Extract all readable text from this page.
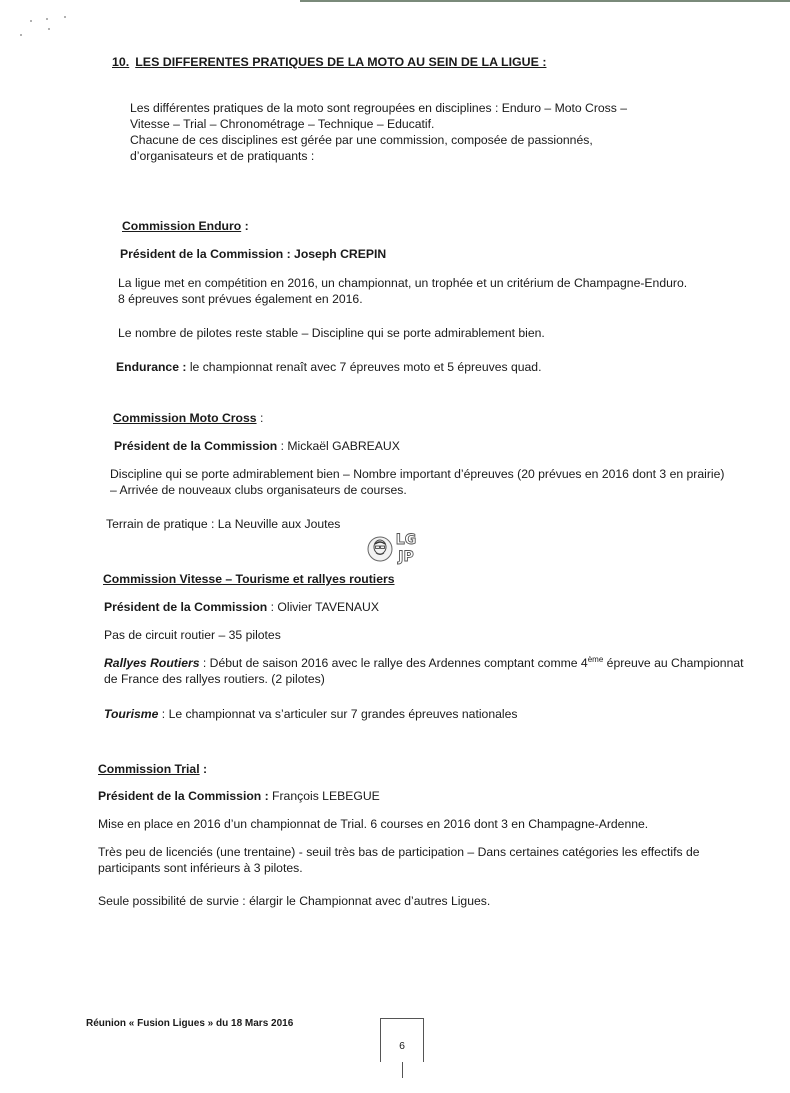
10. LES DIFFERENTES PRATIQUES DE LA MOTO AU SEIN DE LA LIGUE :
Les différentes pratiques de la moto sont regroupées en disciplines : Enduro – Moto Cross –
Vitesse – Trial – Chronométrage – Technique – Educatif.
Chacune de ces disciplines est gérée par une commission, composée de passionnés,
d’organisateurs et de pratiquants :
Commission Enduro :
Président de la Commission : Joseph CREPIN
La ligue met en compétition en 2016, un championnat, un trophée et un critérium de Champagne-Enduro.
8 épreuves sont prévues également en 2016.
Le nombre de pilotes reste stable – Discipline qui se porte admirablement bien.
Endurance : le championnat renaît avec 7 épreuves moto et 5 épreuves quad.
Commission Moto Cross :
Président de la Commission : Mickaël GABREAUX
Discipline qui se porte admirablement bien – Nombre important d’épreuves (20 prévues en 2016 dont 3 en prairie)
– Arrivée de nouveaux clubs organisateurs de courses.
Terrain de pratique : La Neuville aux Joutes
LG
JP
Commission Vitesse – Tourisme et rallyes routiers
Président de la Commission : Olivier TAVENAUX
Pas de circuit routier – 35 pilotes
Rallyes Routiers : Début de saison 2016 avec le rallye des Ardennes comptant comme 4ème épreuve au Championnat
de France des rallyes routiers. (2 pilotes)
Tourisme : Le championnat va s’articuler sur 7 grandes épreuves nationales
Commission Trial :
Président de la Commission : François LEBEGUE
Mise en place en 2016 d’un championnat de Trial. 6 courses en 2016 dont 3 en Champagne-Ardenne.
Très peu de licenciés (une trentaine) - seuil très bas de participation – Dans certaines catégories les effectifs de
participants sont inférieurs à 3 pilotes.
Seule possibilité de survie : élargir le Championnat avec d’autres Ligues.
Réunion « Fusion Ligues » du 18 Mars 2016
6
